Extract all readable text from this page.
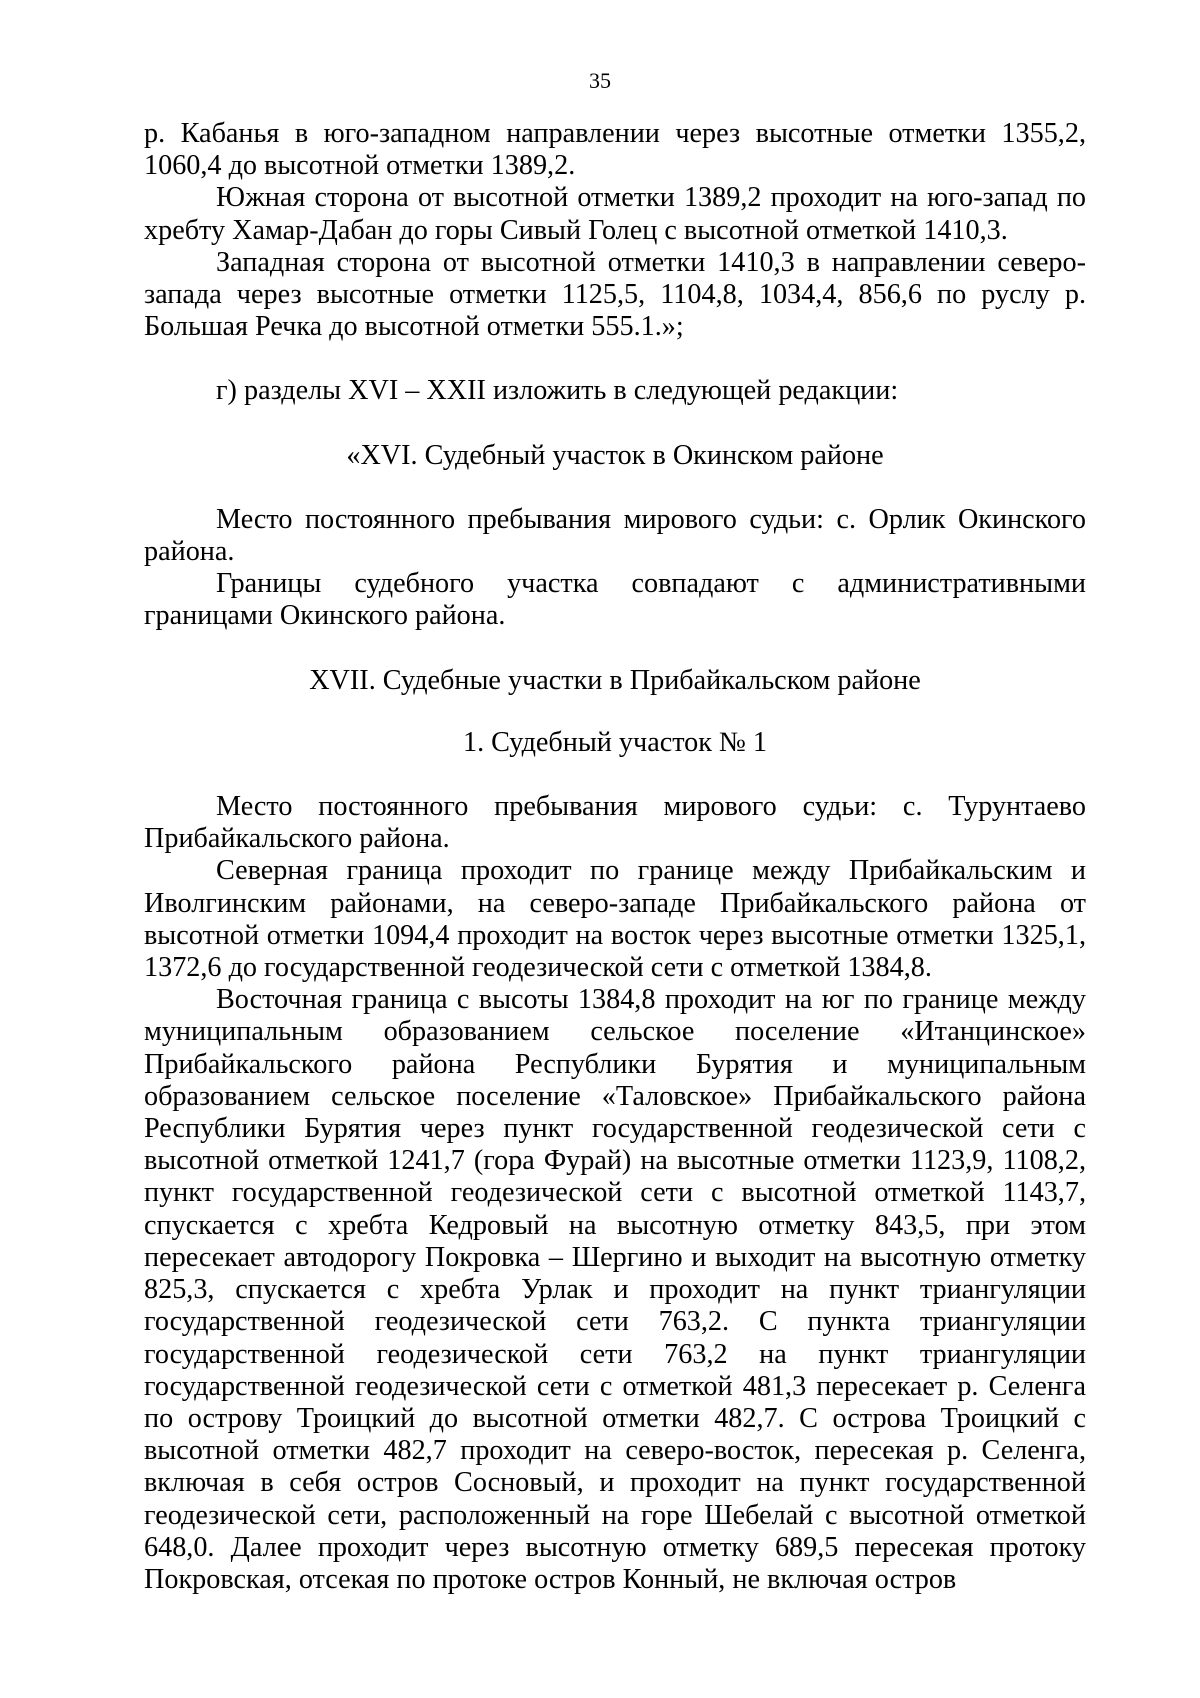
35

р. Кабанья в юго-западном направлении через высотные отметки 1355,2, 1060,4 до высотной отметки 1389,2.

Южная сторона от высотной отметки 1389,2 проходит на юго-запад по хребту Хамар-Дабан до горы Сивый Голец с высотной отметкой 1410,3.

Западная сторона от высотной отметки 1410,3 в направлении северо-запада через высотные отметки 1125,5, 1104,8, 1034,4, 856,6 по руслу р. Большая Речка до высотной отметки 555.1.»;

г) разделы XVI – XXII изложить в следующей редакции:

«XVI. Судебный участок в Окинском районе

Место постоянного пребывания мирового судьи: с. Орлик Окинского района.

Границы судебного участка совпадают с административными границами Окинского района.

XVII. Судебные участки в Прибайкальском районе

1. Судебный участок № 1

Место постоянного пребывания мирового судьи: с. Турунтаево Прибайкальского района.

Северная граница проходит по границе между Прибайкальским и Иволгинским районами, на северо-западе Прибайкальского района от высотной отметки 1094,4 проходит на восток через высотные отметки 1325,1, 1372,6 до государственной геодезической сети с отметкой 1384,8.

Восточная граница с высоты 1384,8 проходит на юг по границе между муниципальным образованием сельское поселение «Итанцинское» Прибайкальского района Республики Бурятия и муниципальным образованием сельское поселение «Таловское» Прибайкальского района Республики Бурятия через пункт государственной геодезической сети с высотной отметкой 1241,7 (гора Фурай) на высотные отметки 1123,9, 1108,2, пункт государственной геодезической сети с высотной отметкой 1143,7, спускается с хребта Кедровый на высотную отметку 843,5, при этом пересекает автодорогу Покровка – Шергино и выходит на высотную отметку 825,3, спускается с хребта Урлак и проходит на пункт триангуляции государственной геодезической сети 763,2. С пункта триангуляции государственной геодезической сети 763,2 на пункт триангуляции государственной геодезической сети с отметкой 481,3 пересекает р. Селенга по острову Троицкий до высотной отметки 482,7. С острова Троицкий с высотной отметки 482,7 проходит на северо-восток, пересекая р. Селенга, включая в себя остров Сосновый, и проходит на пункт государственной геодезической сети, расположенный на горе Шебелай с высотной отметкой 648,0. Далее проходит через высотную отметку 689,5 пересекая протоку Покровская, отсекая по протоке остров Конный, не включая остров
